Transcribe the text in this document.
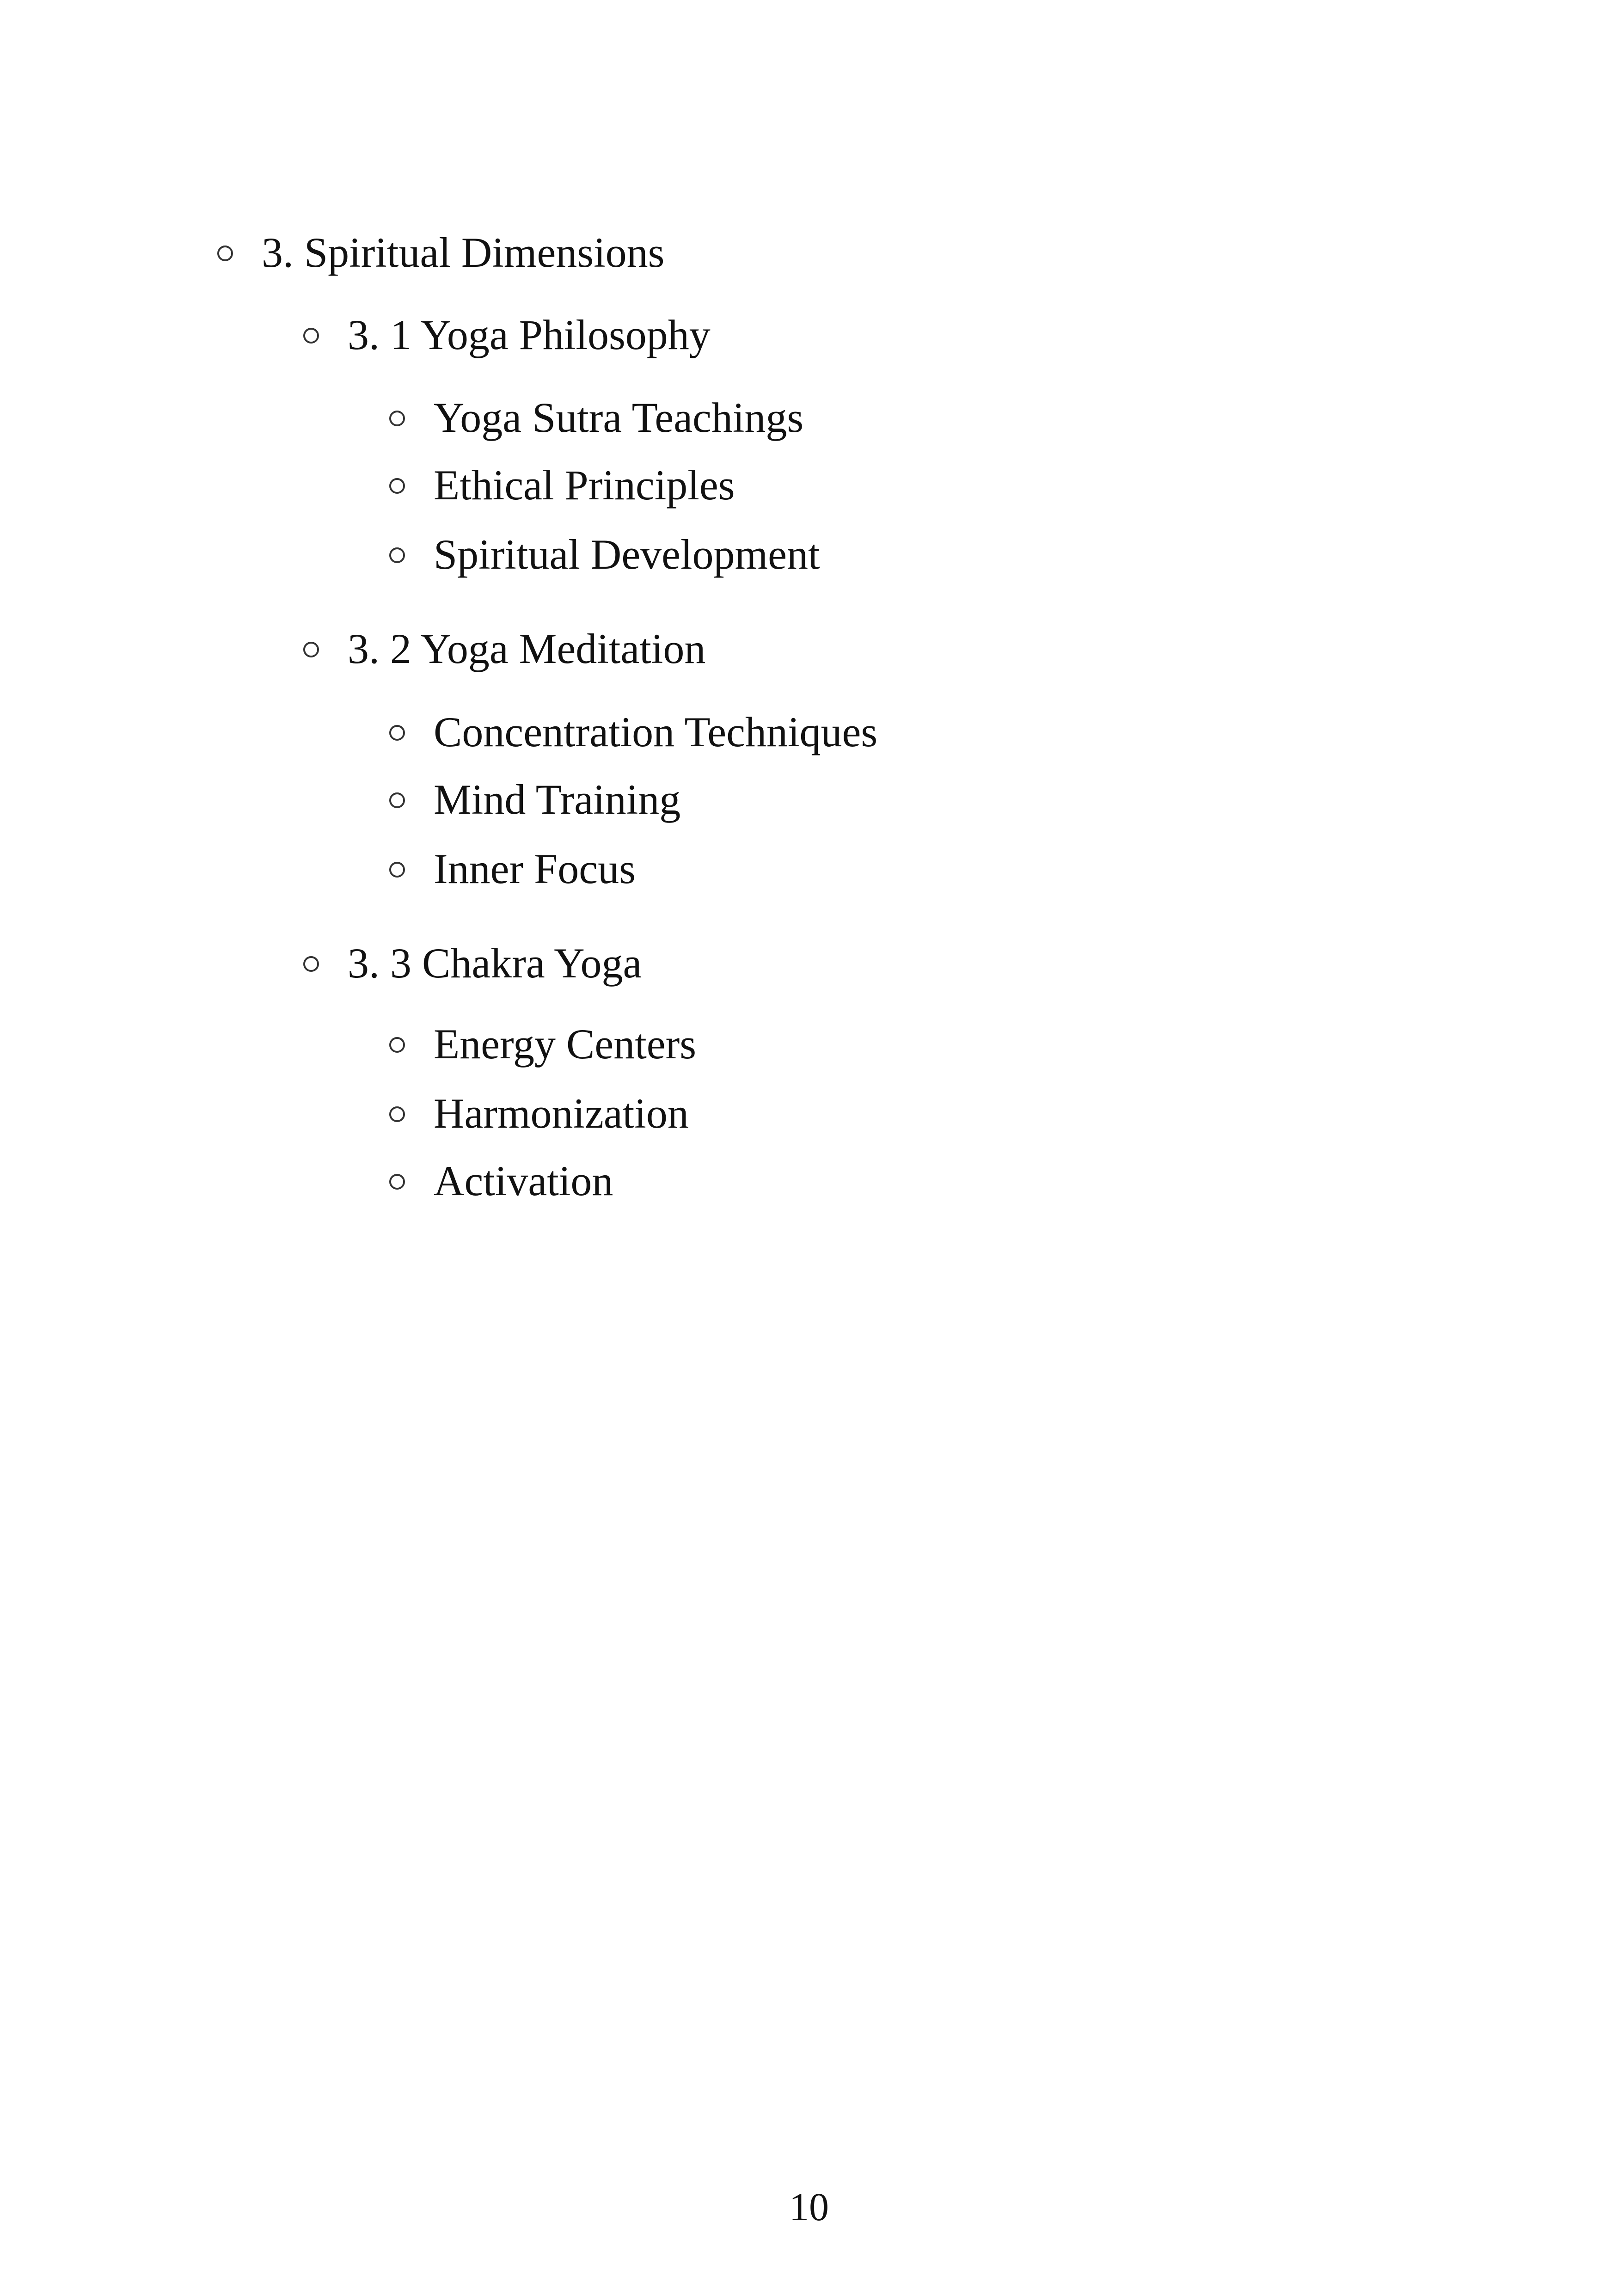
3. Spiritual Dimensions
3. 1 Yoga Philosophy
Yoga Sutra Teachings
Ethical Principles
Spiritual Development
3. 2 Yoga Meditation
Concentration Techniques
Mind Training
Inner Focus
3. 3 Chakra Yoga
Energy Centers
Harmonization
Activation
10
